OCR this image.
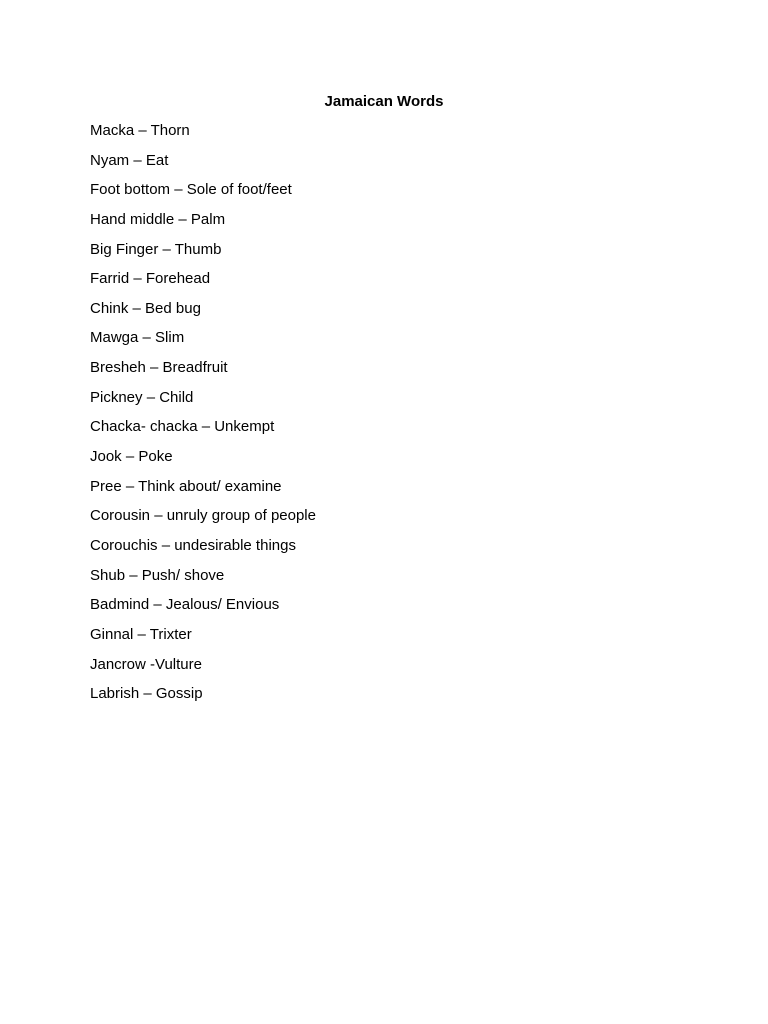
Jamaican Words
Macka – Thorn
Nyam – Eat
Foot bottom – Sole of foot/feet
Hand middle – Palm
Big Finger – Thumb
Farrid – Forehead
Chink – Bed bug
Mawga – Slim
Bresheh – Breadfruit
Pickney – Child
Chacka- chacka – Unkempt
Jook – Poke
Pree – Think about/ examine
Corousin – unruly group of people
Corouchis – undesirable things
Shub – Push/ shove
Badmind – Jealous/ Envious
Ginnal – Trixter
Jancrow -Vulture
Labrish – Gossip
